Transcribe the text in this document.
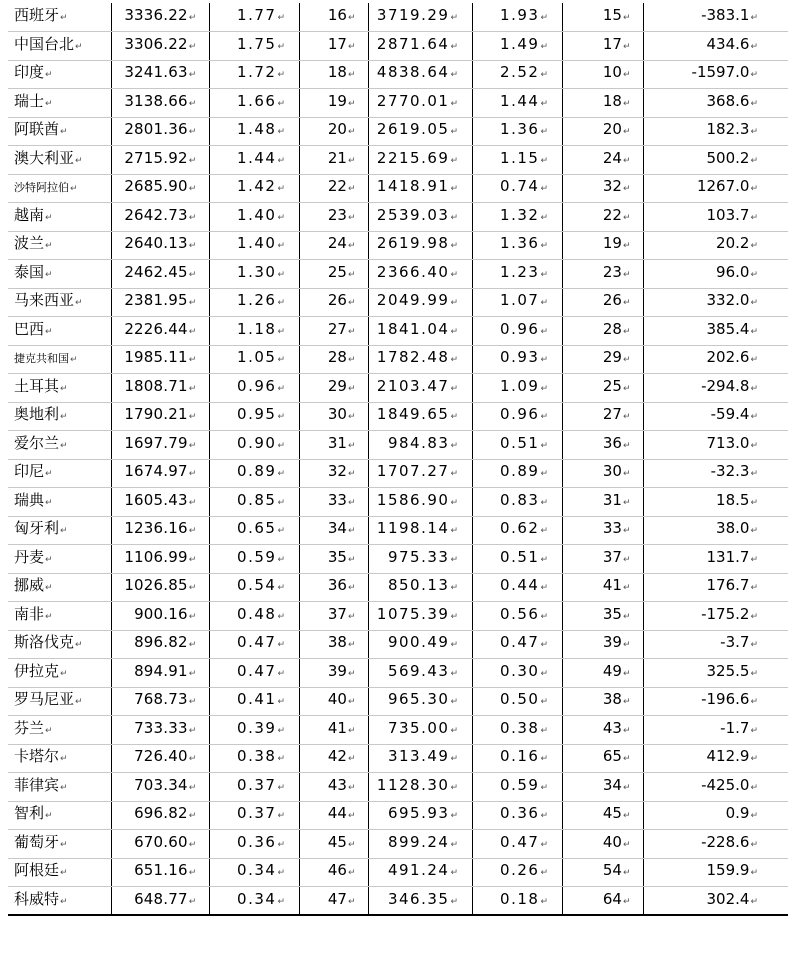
西班牙↵	3336.22↵	1.77↵	16↵	3719.29↵	1.93↵	15↵	-383.1↵
中国台北↵	3306.22↵	1.75↵	17↵	2871.64↵	1.49↵	17↵	434.6↵
印度↵	3241.63↵	1.72↵	18↵	4838.64↵	2.52↵	10↵	-1597.0↵
瑞士↵	3138.66↵	1.66↵	19↵	2770.01↵	1.44↵	18↵	368.6↵
阿联酋↵	2801.36↵	1.48↵	20↵	2619.05↵	1.36↵	20↵	182.3↵
澳大利亚↵	2715.92↵	1.44↵	21↵	2215.69↵	1.15↵	24↵	500.2↵
沙特阿拉伯↵	2685.90↵	1.42↵	22↵	1418.91↵	0.74↵	32↵	1267.0↵
越南↵	2642.73↵	1.40↵	23↵	2539.03↵	1.32↵	22↵	103.7↵
波兰↵	2640.13↵	1.40↵	24↵	2619.98↵	1.36↵	19↵	20.2↵
泰国↵	2462.45↵	1.30↵	25↵	2366.40↵	1.23↵	23↵	96.0↵
马来西亚↵	2381.95↵	1.26↵	26↵	2049.99↵	1.07↵	26↵	332.0↵
巴西↵	2226.44↵	1.18↵	27↵	1841.04↵	0.96↵	28↵	385.4↵
捷克共和国↵	1985.11↵	1.05↵	28↵	1782.48↵	0.93↵	29↵	202.6↵
土耳其↵	1808.71↵	0.96↵	29↵	2103.47↵	1.09↵	25↵	-294.8↵
奥地利↵	1790.21↵	0.95↵	30↵	1849.65↵	0.96↵	27↵	-59.4↵
爱尔兰↵	1697.79↵	0.90↵	31↵	984.83↵	0.51↵	36↵	713.0↵
印尼↵	1674.97↵	0.89↵	32↵	1707.27↵	0.89↵	30↵	-32.3↵
瑞典↵	1605.43↵	0.85↵	33↵	1586.90↵	0.83↵	31↵	18.5↵
匈牙利↵	1236.16↵	0.65↵	34↵	1198.14↵	0.62↵	33↵	38.0↵
丹麦↵	1106.99↵	0.59↵	35↵	975.33↵	0.51↵	37↵	131.7↵
挪威↵	1026.85↵	0.54↵	36↵	850.13↵	0.44↵	41↵	176.7↵
南非↵	900.16↵	0.48↵	37↵	1075.39↵	0.56↵	35↵	-175.2↵
斯洛伐克↵	896.82↵	0.47↵	38↵	900.49↵	0.47↵	39↵	-3.7↵
伊拉克↵	894.91↵	0.47↵	39↵	569.43↵	0.30↵	49↵	325.5↵
罗马尼亚↵	768.73↵	0.41↵	40↵	965.30↵	0.50↵	38↵	-196.6↵
芬兰↵	733.33↵	0.39↵	41↵	735.00↵	0.38↵	43↵	-1.7↵
卡塔尔↵	726.40↵	0.38↵	42↵	313.49↵	0.16↵	65↵	412.9↵
菲律宾↵	703.34↵	0.37↵	43↵	1128.30↵	0.59↵	34↵	-425.0↵
智利↵	696.82↵	0.37↵	44↵	695.93↵	0.36↵	45↵	0.9↵
葡萄牙↵	670.60↵	0.36↵	45↵	899.24↵	0.47↵	40↵	-228.6↵
阿根廷↵	651.16↵	0.34↵	46↵	491.24↵	0.26↵	54↵	159.9↵
科威特↵	648.77↵	0.34↵	47↵	346.35↵	0.18↵	64↵	302.4↵
